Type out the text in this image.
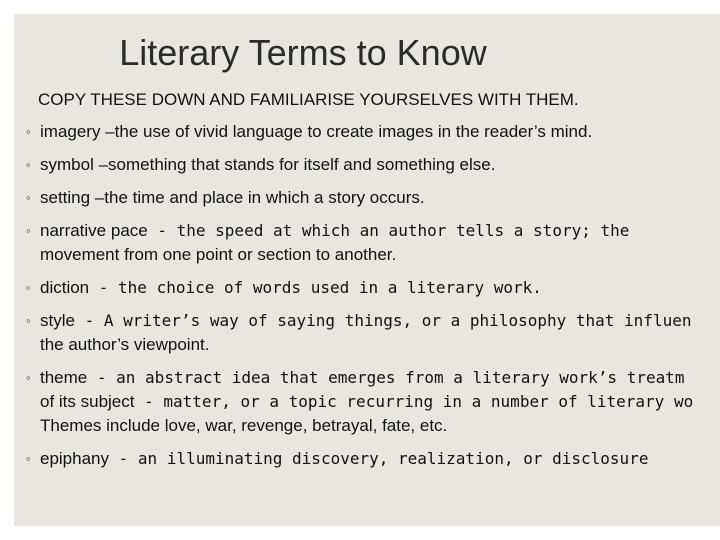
Literary Terms to Know
COPY THESE DOWN AND FAMILIARISE YOURSELVES WITH THEM.
◦ imagery –the use of vivid language to create images in the reader’s mind.
◦ symbol –something that stands for itself and something else.
◦ setting –the time and place in which a story occurs.
◦ narrative pace - the speed at which an author tells a story; the
movement from one point or section to another.
◦ diction - the choice of words used in a literary work.
◦ style - A writer’s way of saying things, or a philosophy that influen
the author’s viewpoint.
◦ theme - an abstract idea that emerges from a literary work’s treatm
of its subject - matter, or a topic recurring in a number of literary wo
Themes include love, war, revenge, betrayal, fate, etc.
◦ epiphany - an illuminating discovery, realization, or disclosure
